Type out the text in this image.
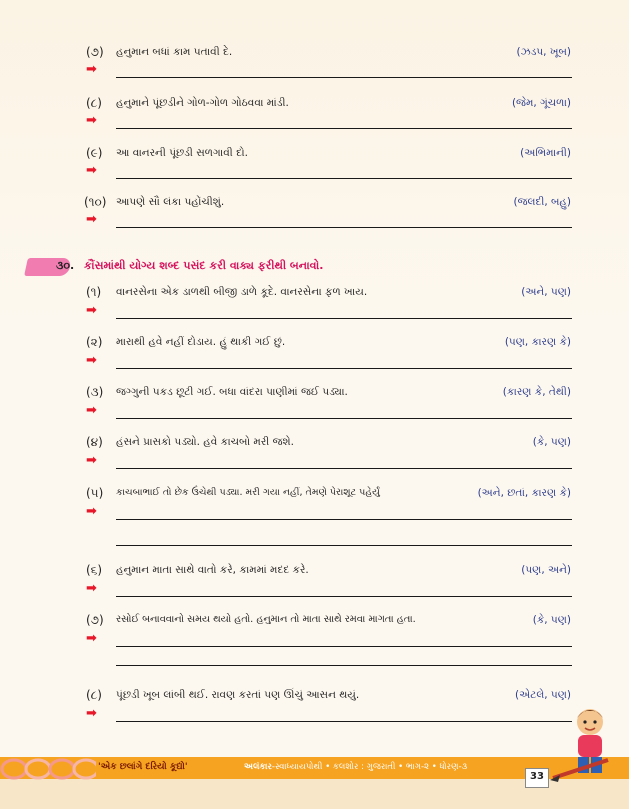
(૭) હનુમાન બધાં કામ પતાવી દે.	(ઝડપ, ખૂબ)
➡
(૮) હનુમાને પૂંછડીને ગોળ-ગોળ ગોઠવવા માંડી.	(જેમ, ગૂંચળા)
➡
(૯) આ વાનરની પૂંછડી સળગાવી દો.	(અભિમાની)
➡
(૧૦) આપણે સૌ લંકા પહોંચીશું.	(જલદી, બહુ)
➡
૩૦. કૌંસમાંથી યોગ્ય શબ્દ પસંદ કરી વાક્ય ફરીથી બનાવો.
(૧) વાનરસેના એક ડાળથી બીજી ડાળે કૂદે. વાનરસેના ફળ ખાય.	(અને, પણ)
➡
(૨) મારાથી હવે નહીં દોડાય. હું થાકી ગઈ છું.	(પણ, કારણ કે)
➡
(૩) જગ્ગુની પકડ છૂટી ગઈ. બધા વાંદરા પાણીમાં જઈ પડ્યા.	(કારણ કે, તેથી)
➡
(૪) હંસને પ્રાસકો પડ્યો. હવે કાચબો મરી જશે.	(કે, પણ)
➡
(૫) કાચબાભાઈ તો છેક ઉંચેથી પડ્યા. મરી ગયા નહીં, તેમણે પેરાશૂટ પહેર્યું	(અને, છતાં, કારણ કે)
➡
(૬) હનુમાન માતા સાથે વાતો કરે, કામમાં મદદ કરે.	(પણ, અને)
➡
(૭) રસોઈ બનાવવાનો સમય થયો હતો. હનુમાન તો માતા સાથે રમવા માગતા હતા.	(કે, પણ)
➡
(૮) પૂંછડી ખૂબ લાંબી થઈ. રાવણ કરતાં પણ ઊંચું આસન થયું.	(એટલે, પણ)
➡
'એક છલાંગે દરિયો કૂદ્યો'	અલંકાર-સ્વાધ્યાયપોથી • કલશોર : ગુજરાતી • ભાગ-૨ • ધોરણ-૩
33
